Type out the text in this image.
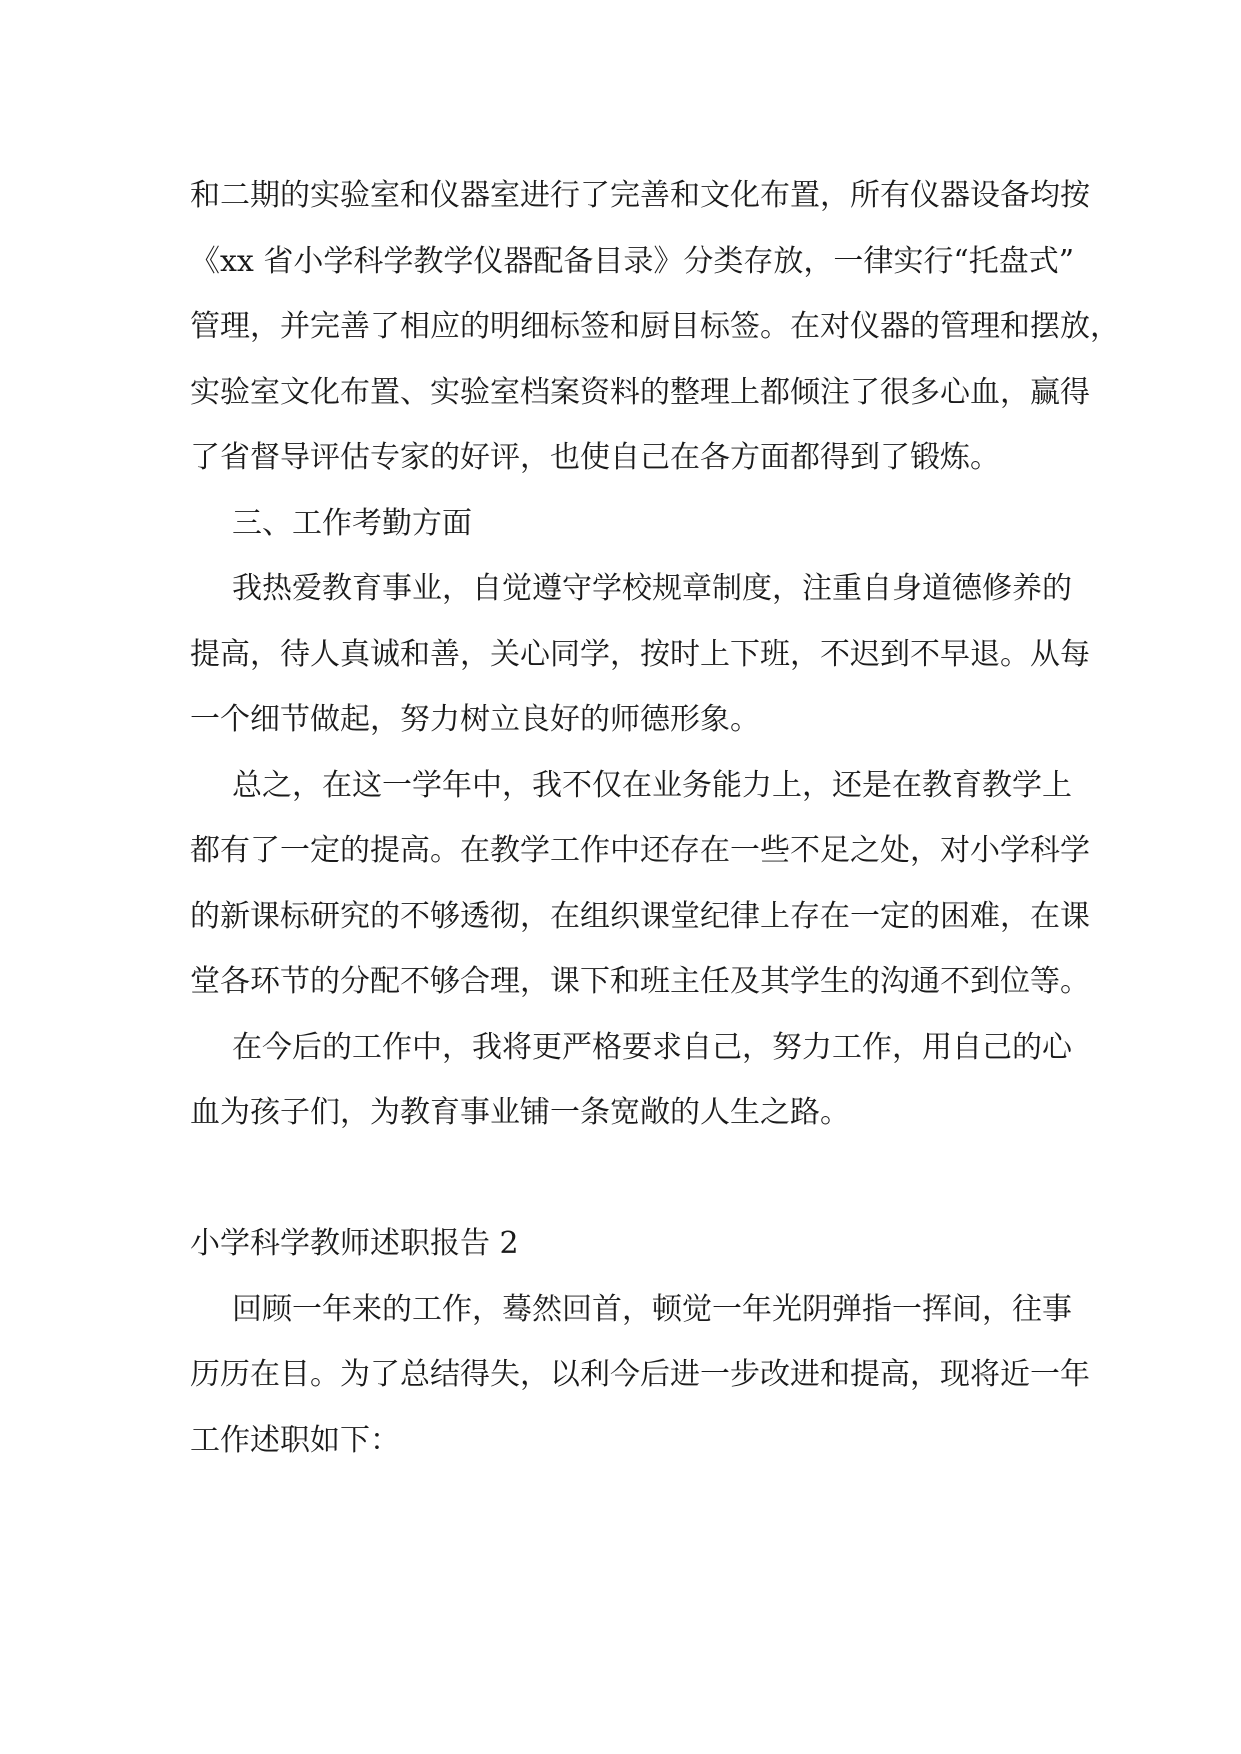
和二期的实验室和仪器室进行了完善和文化布置，所有仪器设备均按
《xx 省小学科学教学仪器配备目录》分类存放，一律实行“托盘式”
管理，并完善了相应的明细标签和厨目标签。在对仪器的管理和摆放，
实验室文化布置、实验室档案资料的整理上都倾注了很多心血，赢得
了省督导评估专家的好评，也使自己在各方面都得到了锻炼。
三、工作考勤方面
我热爱教育事业，自觉遵守学校规章制度，注重自身道德修养的
提高，待人真诚和善，关心同学，按时上下班，不迟到不早退。从每
一个细节做起，努力树立良好的师德形象。
总之，在这一学年中，我不仅在业务能力上，还是在教育教学上
都有了一定的提高。在教学工作中还存在一些不足之处，对小学科学
的新课标研究的不够透彻，在组织课堂纪律上存在一定的困难，在课
堂各环节的分配不够合理，课下和班主任及其学生的沟通不到位等。
在今后的工作中，我将更严格要求自己，努力工作，用自己的心
血为孩子们，为教育事业铺一条宽敞的人生之路。
小学科学教师述职报告 2
回顾一年来的工作，蓦然回首，顿觉一年光阴弹指一挥间，往事
历历在目。为了总结得失，以利今后进一步改进和提高，现将近一年
工作述职如下：
